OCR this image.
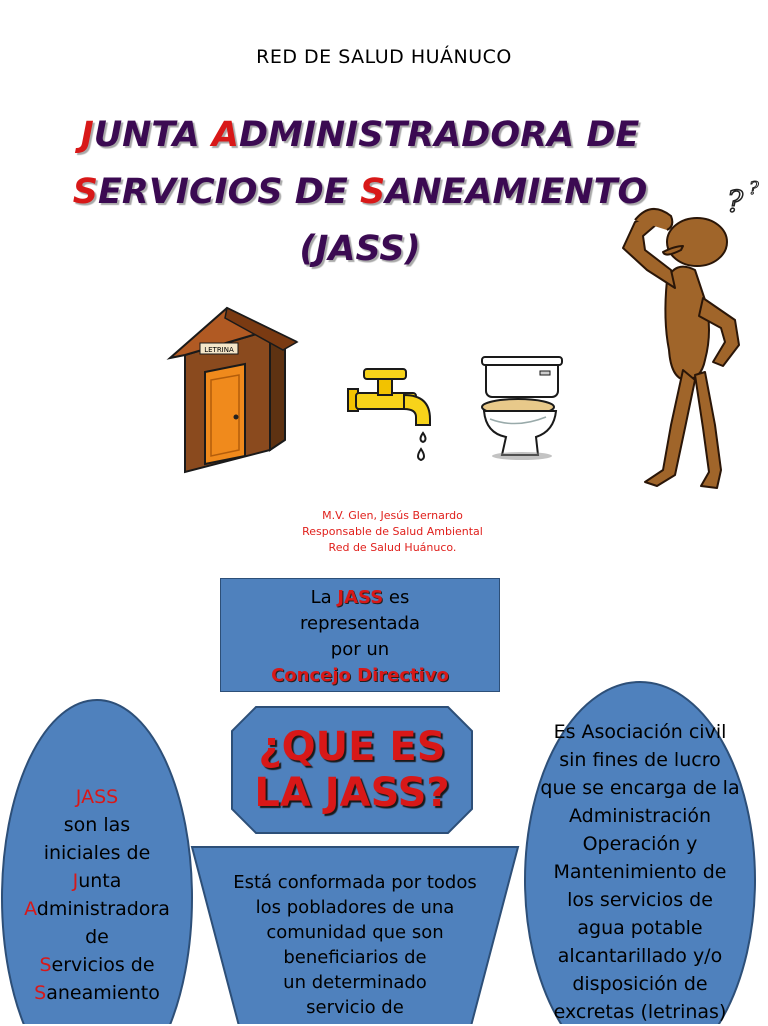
RED DE SALUD HUÁNUCO
JUNTA ADMINISTRADORA DE
SERVICIOS DE SANEAMIENTO
(JASS)
LETRINA
? ?
M.V. Glen, Jesús Bernardo
Responsable de Salud Ambiental
Red de Salud Huánuco.
La JASS es
representada
por un
Concejo Directivo
JASS
son las
iniciales de
Junta
Administradora
de
Servicios de
Saneamiento
Es Asociación civil
sin fines de lucro
que se encarga de la
Administración
Operación y
Mantenimiento de
los servicios de
agua potable
alcantarillado y/o
disposición de
excretas (letrinas)
Está conformada por todos
los pobladores de una
comunidad que son
beneficiarios de
un determinado
servicio de
¿QUE ES
LA JASS?
